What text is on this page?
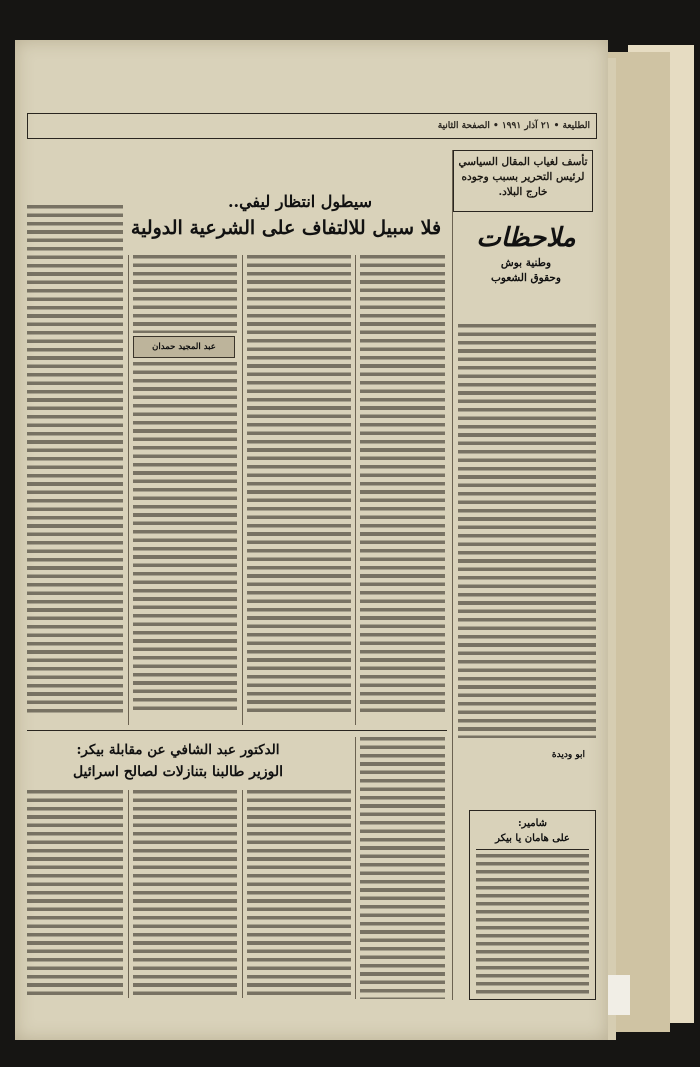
الطليعة • ٢١ آذار ١٩٩١ • الصفحة الثانية
تأسف لغياب المقال السياسي لرئيس التحرير بسبب وجوده خارج البلاد.
ملاحظات
وطنية بوش
وحقوق الشعوب
ابو وديدة
شامير:
على هامان يا بيكر
سيطول انتظار ليفي..
فلا سبيل للالتفاف على الشرعية الدولية
عبد المجيد حمدان
الدكتور عبد الشافي عن مقابلة بيكر:
الوزير طالبنا بتنازلات لصالح اسرائيل
